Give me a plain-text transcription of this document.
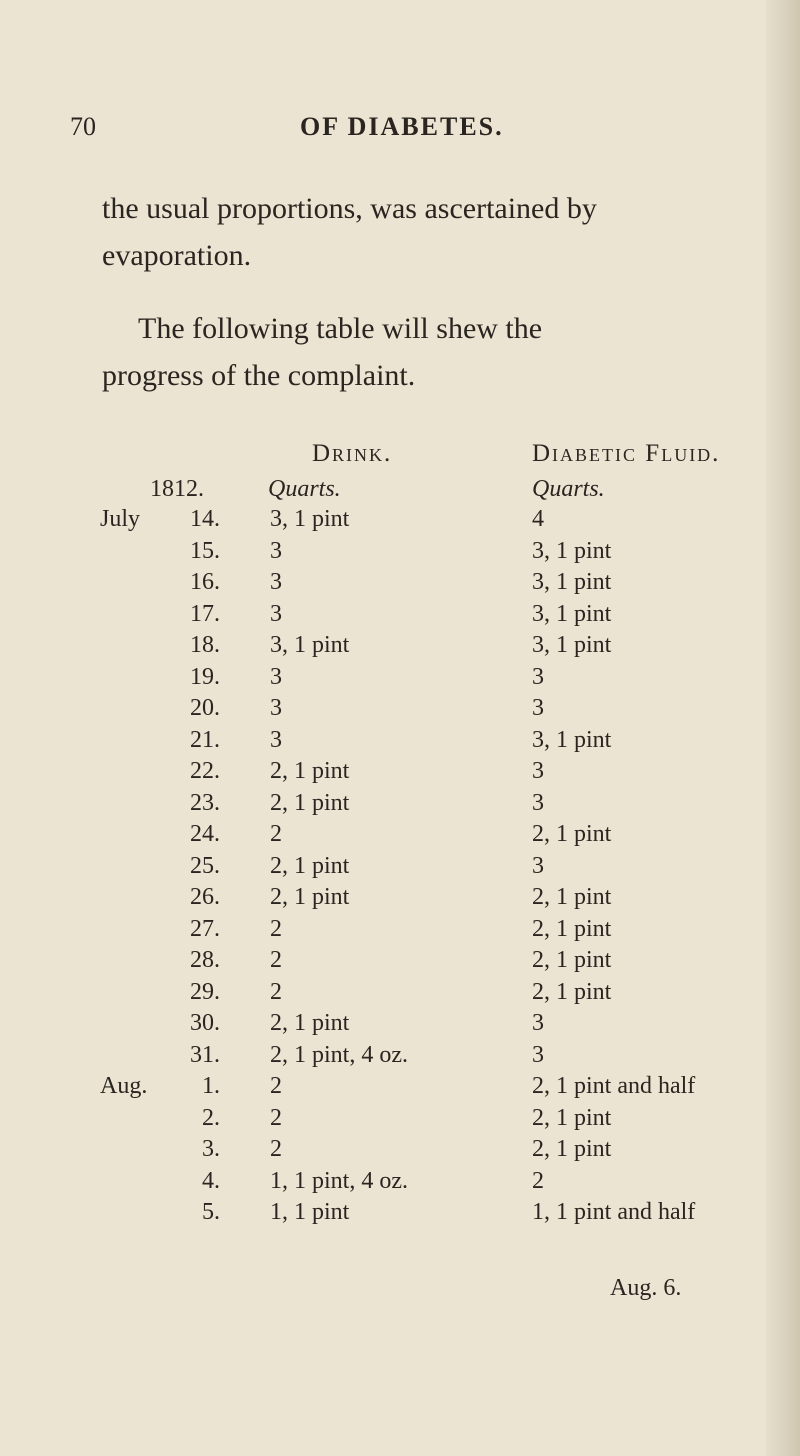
70	OF DIABETES.
the usual proportions, was ascertained by
evaporation.
The following table will shew the
progress of the complaint.
Drink.	Diabetic Fluid.
1812.	Quarts.	Quarts.
July 14. 3, 1 pint	4
15. 3	3, 1 pint
16. 3	3, 1 pint
17. 3	3, 1 pint
18. 3, 1 pint	3, 1 pint
19. 3	3
20. 3	3
21. 3	3, 1 pint
22. 2, 1 pint	3
23. 2, 1 pint	3
24. 2	2, 1 pint
25. 2, 1 pint	3
26. 2, 1 pint	2, 1 pint
27. 2	2, 1 pint
28. 2	2, 1 pint
29. 2	2, 1 pint
30. 2, 1 pint	3
31. 2, 1 pint, 4 oz.	3
Aug. 1. 2	2, 1 pint and half
2. 2	2, 1 pint
3. 2	2, 1 pint
4. 1, 1 pint, 4 oz.	2
5. 1, 1 pint	1, 1 pint and half
Aug. 6.
